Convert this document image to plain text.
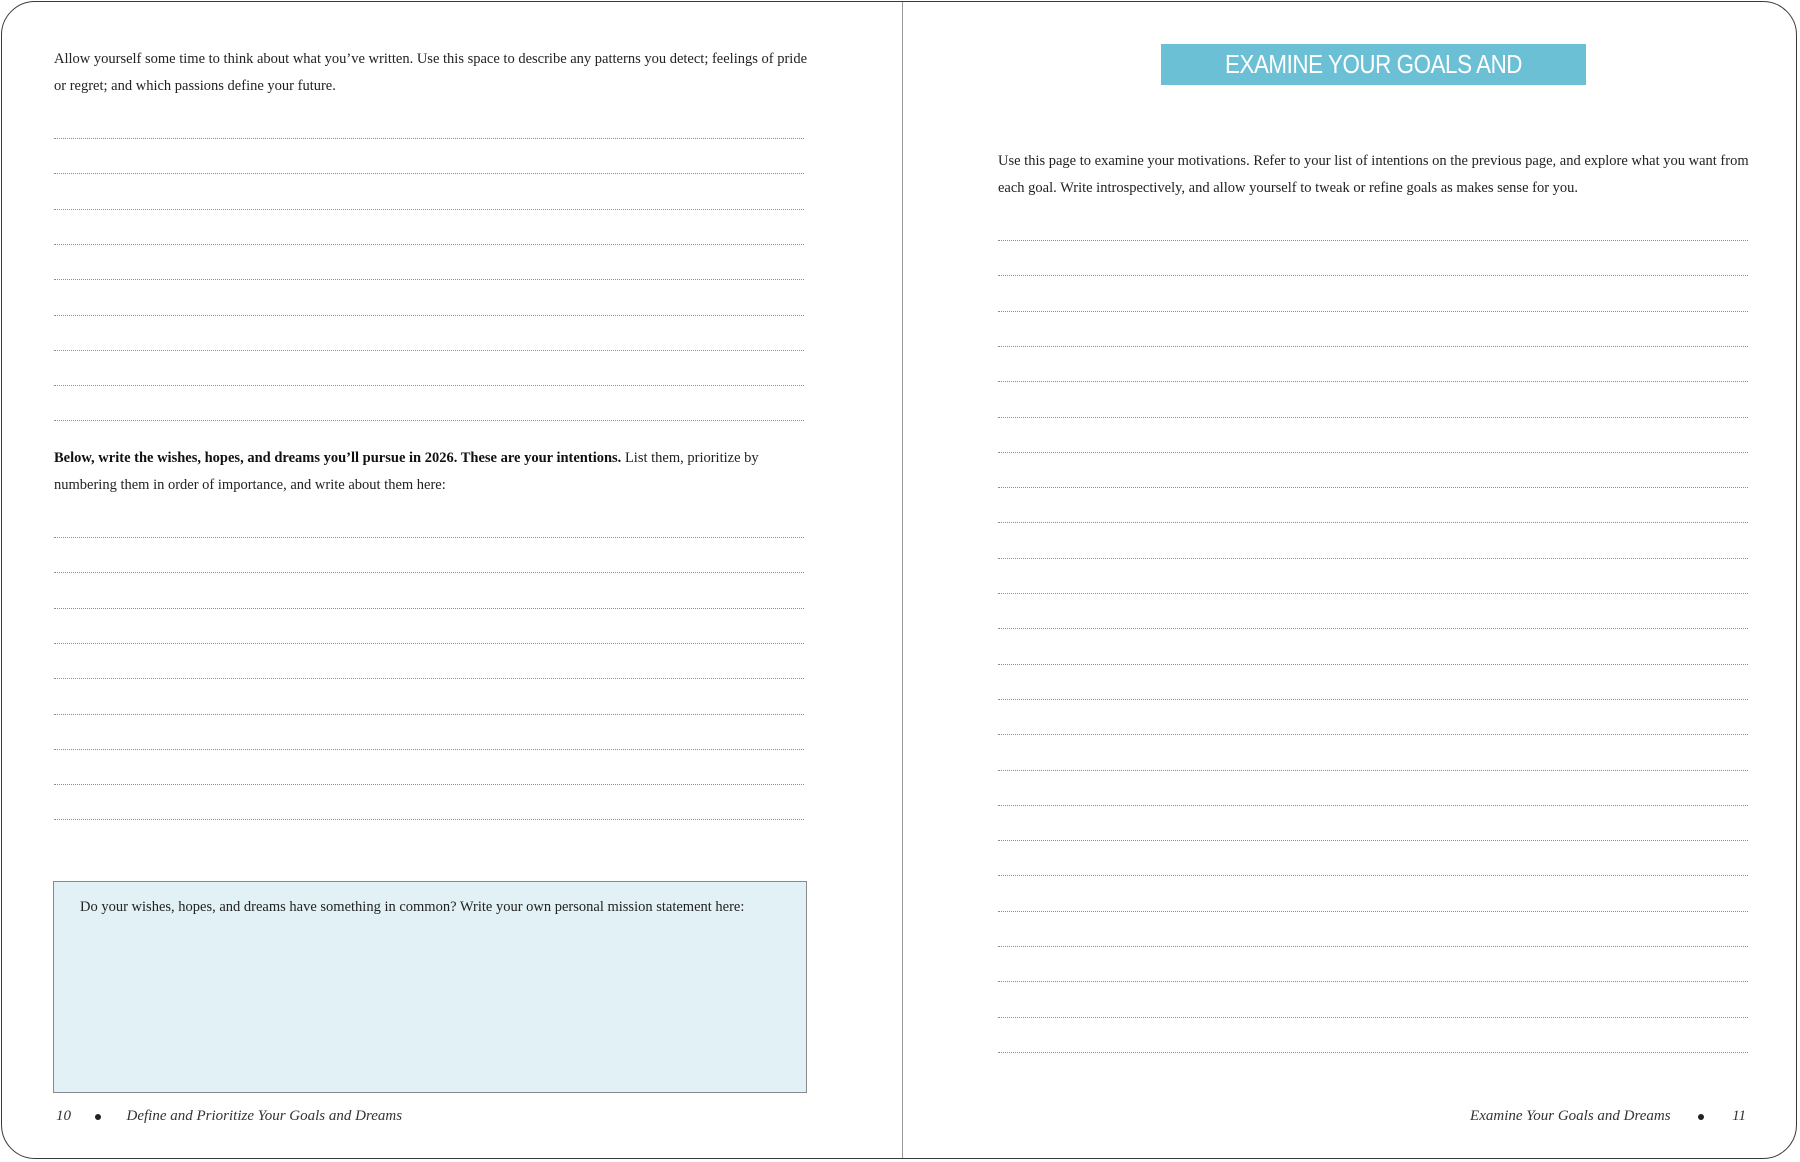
Allow yourself some time to think about what you’ve written. Use this space to describe any patterns you detect; feelings of pride or regret; and which passions define your future.

Below, write the wishes, hopes, and dreams you’ll pursue in 2026. These are your intentions. List them, prioritize by numbering them in order of importance, and write about them here:

Do your wishes, hopes, and dreams have something in common? Write your own personal mission statement here:

10	Define and Prioritize Your Goals and Dreams
EXAMINE YOUR GOALS AND DREAMS

Use this page to examine your motivations. Refer to your list of intentions on the previous page, and explore what you want from each goal. Write introspectively, and allow yourself to tweak or refine goals as makes sense for you.

Examine Your Goals and Dreams	11
